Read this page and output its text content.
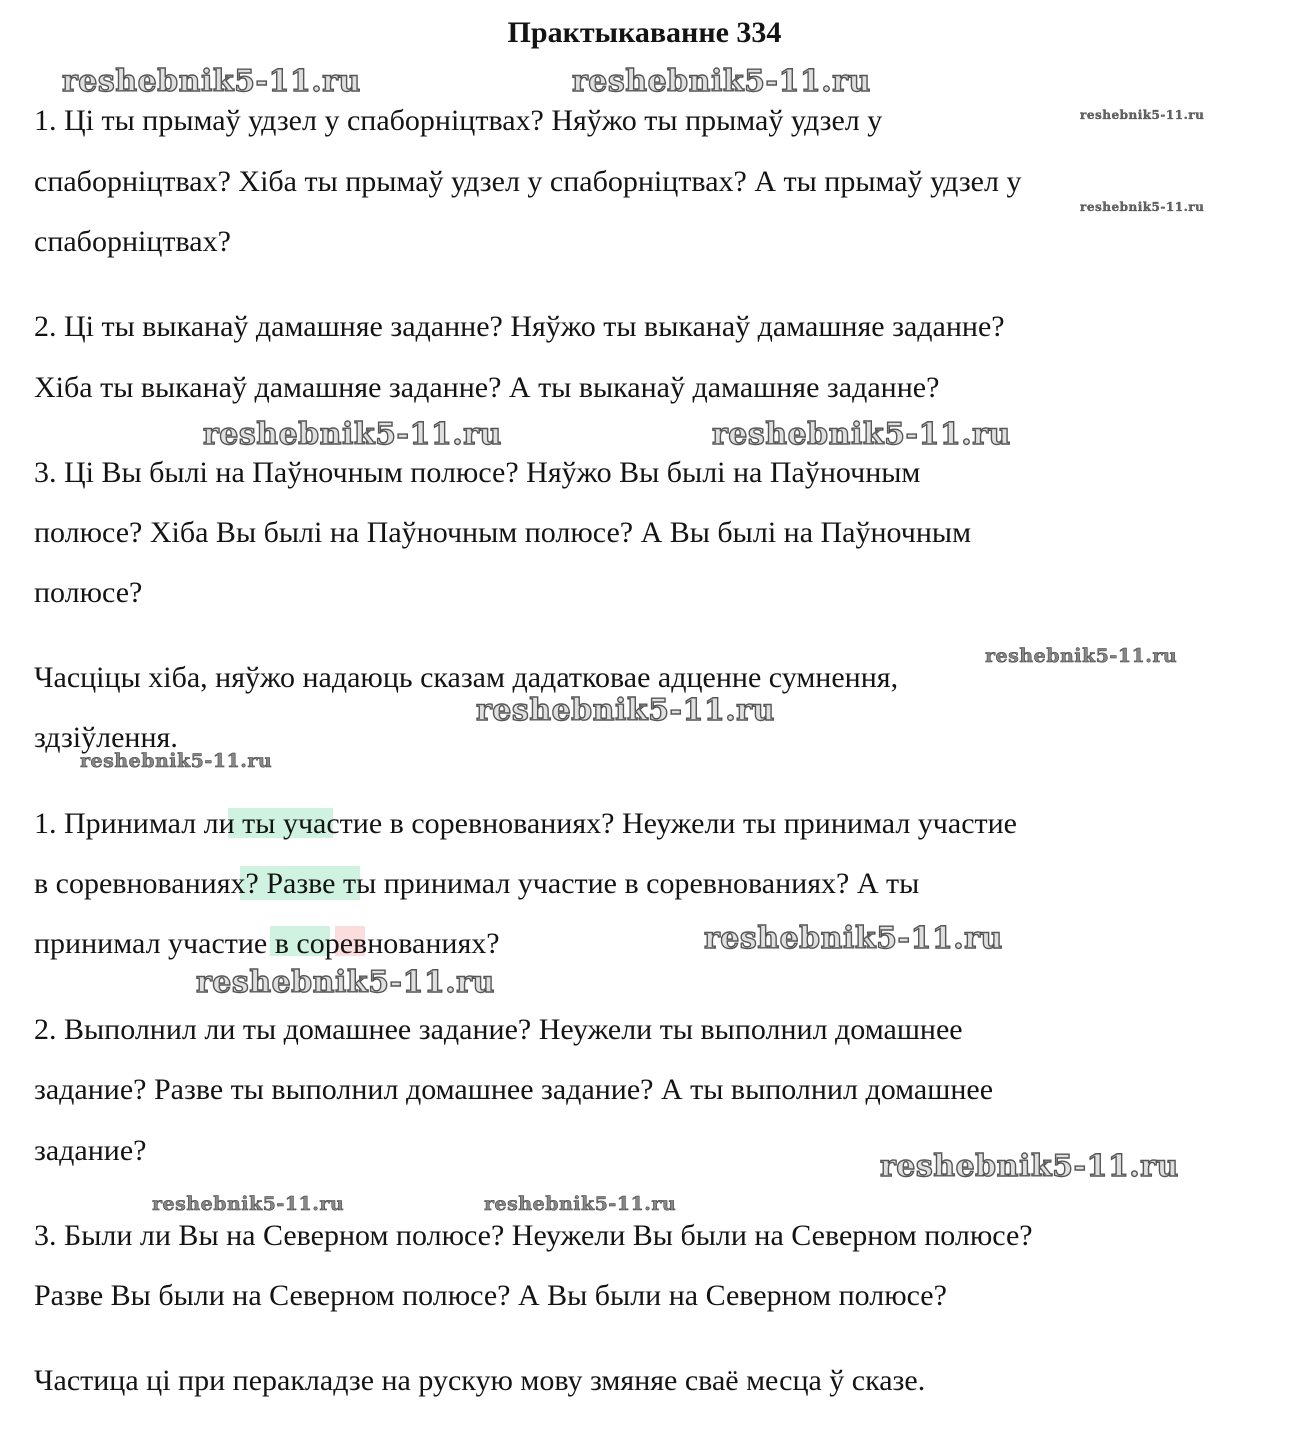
Практыкаванне 334
1. Ці ты прымаў удзел у спаборніцтвах? Няўжо ты прымаў удзел у
спаборніцтвах? Хіба ты прымаў удзел у спаборніцтвах? А ты прымаў удзел у
спаборніцтвах?
2. Ці ты выканаў дамашняе заданне? Няўжо ты выканаў дамашняе заданне?
Хіба ты выканаў дамашняе заданне? А ты выканаў дамашняе заданне?
3. Ці Вы былі на Паўночным полюсе? Няўжо Вы былі на Паўночным
полюсе? Хіба Вы былі на Паўночным полюсе? А Вы былі на Паўночным
полюсе?
Часціцы хіба, няўжо надаюць сказам дадатковае адценне сумнення,
здзіўлення.
1. Принимал ли ты участие в соревнованиях? Неужели ты принимал участие
в соревнованиях? Разве ты принимал участие в соревнованиях? А ты
принимал участие в соревнованиях?
2. Выполнил ли ты домашнее задание? Неужели ты выполнил домашнее
задание? Разве ты выполнил домашнее задание? А ты выполнил домашнее
задание?
3. Были ли Вы на Северном полюсе? Неужели Вы были на Северном полюсе?
Разве Вы были на Северном полюсе? А Вы были на Северном полюсе?
Частица ці при перакладзе на рускую мову змяняе сваё месца ў сказе.
reshebnik5-11.ru	reshebnik5-11.ru
reshebnik5-11.ru
reshebnik5-11.ru
reshebnik5-11.ru	reshebnik5-11.ru
reshebnik5-11.ru
reshebnik5-11.ru
reshebnik5-11.ru
reshebnik5-11.ru
reshebnik5-11.ru
reshebnik5-11.ru
reshebnik5-11.ru	reshebnik5-11.ru
